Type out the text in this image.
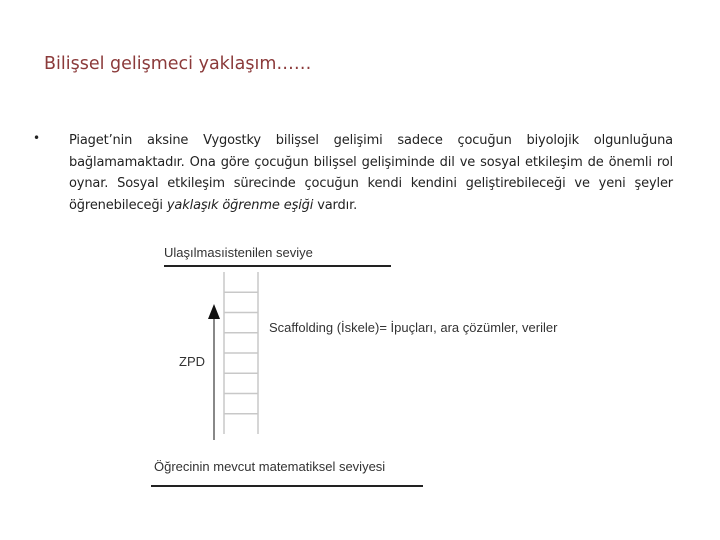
Bilişsel gelişmeci yaklaşım……
• Piaget’nin aksine Vygostky bilişsel gelişimi sadece çocuğun biyolojik olgunluğuna bağlamamaktadır. Ona göre çocuğun bilişsel gelişiminde dil ve sosyal etkileşim de önemli rol oynar. Sosyal etkileşim sürecinde çocuğun kendi kendini geliştirebileceği ve yeni şeyler öğrenebileceği yaklaşık öğrenme eşiği vardır.
Ulaşılmasıistenilen seviye
Scaffolding (İskele)= İpuçları, ara çözümler, veriler
ZPD
Öğrecinin mevcut matematiksel seviyesi
